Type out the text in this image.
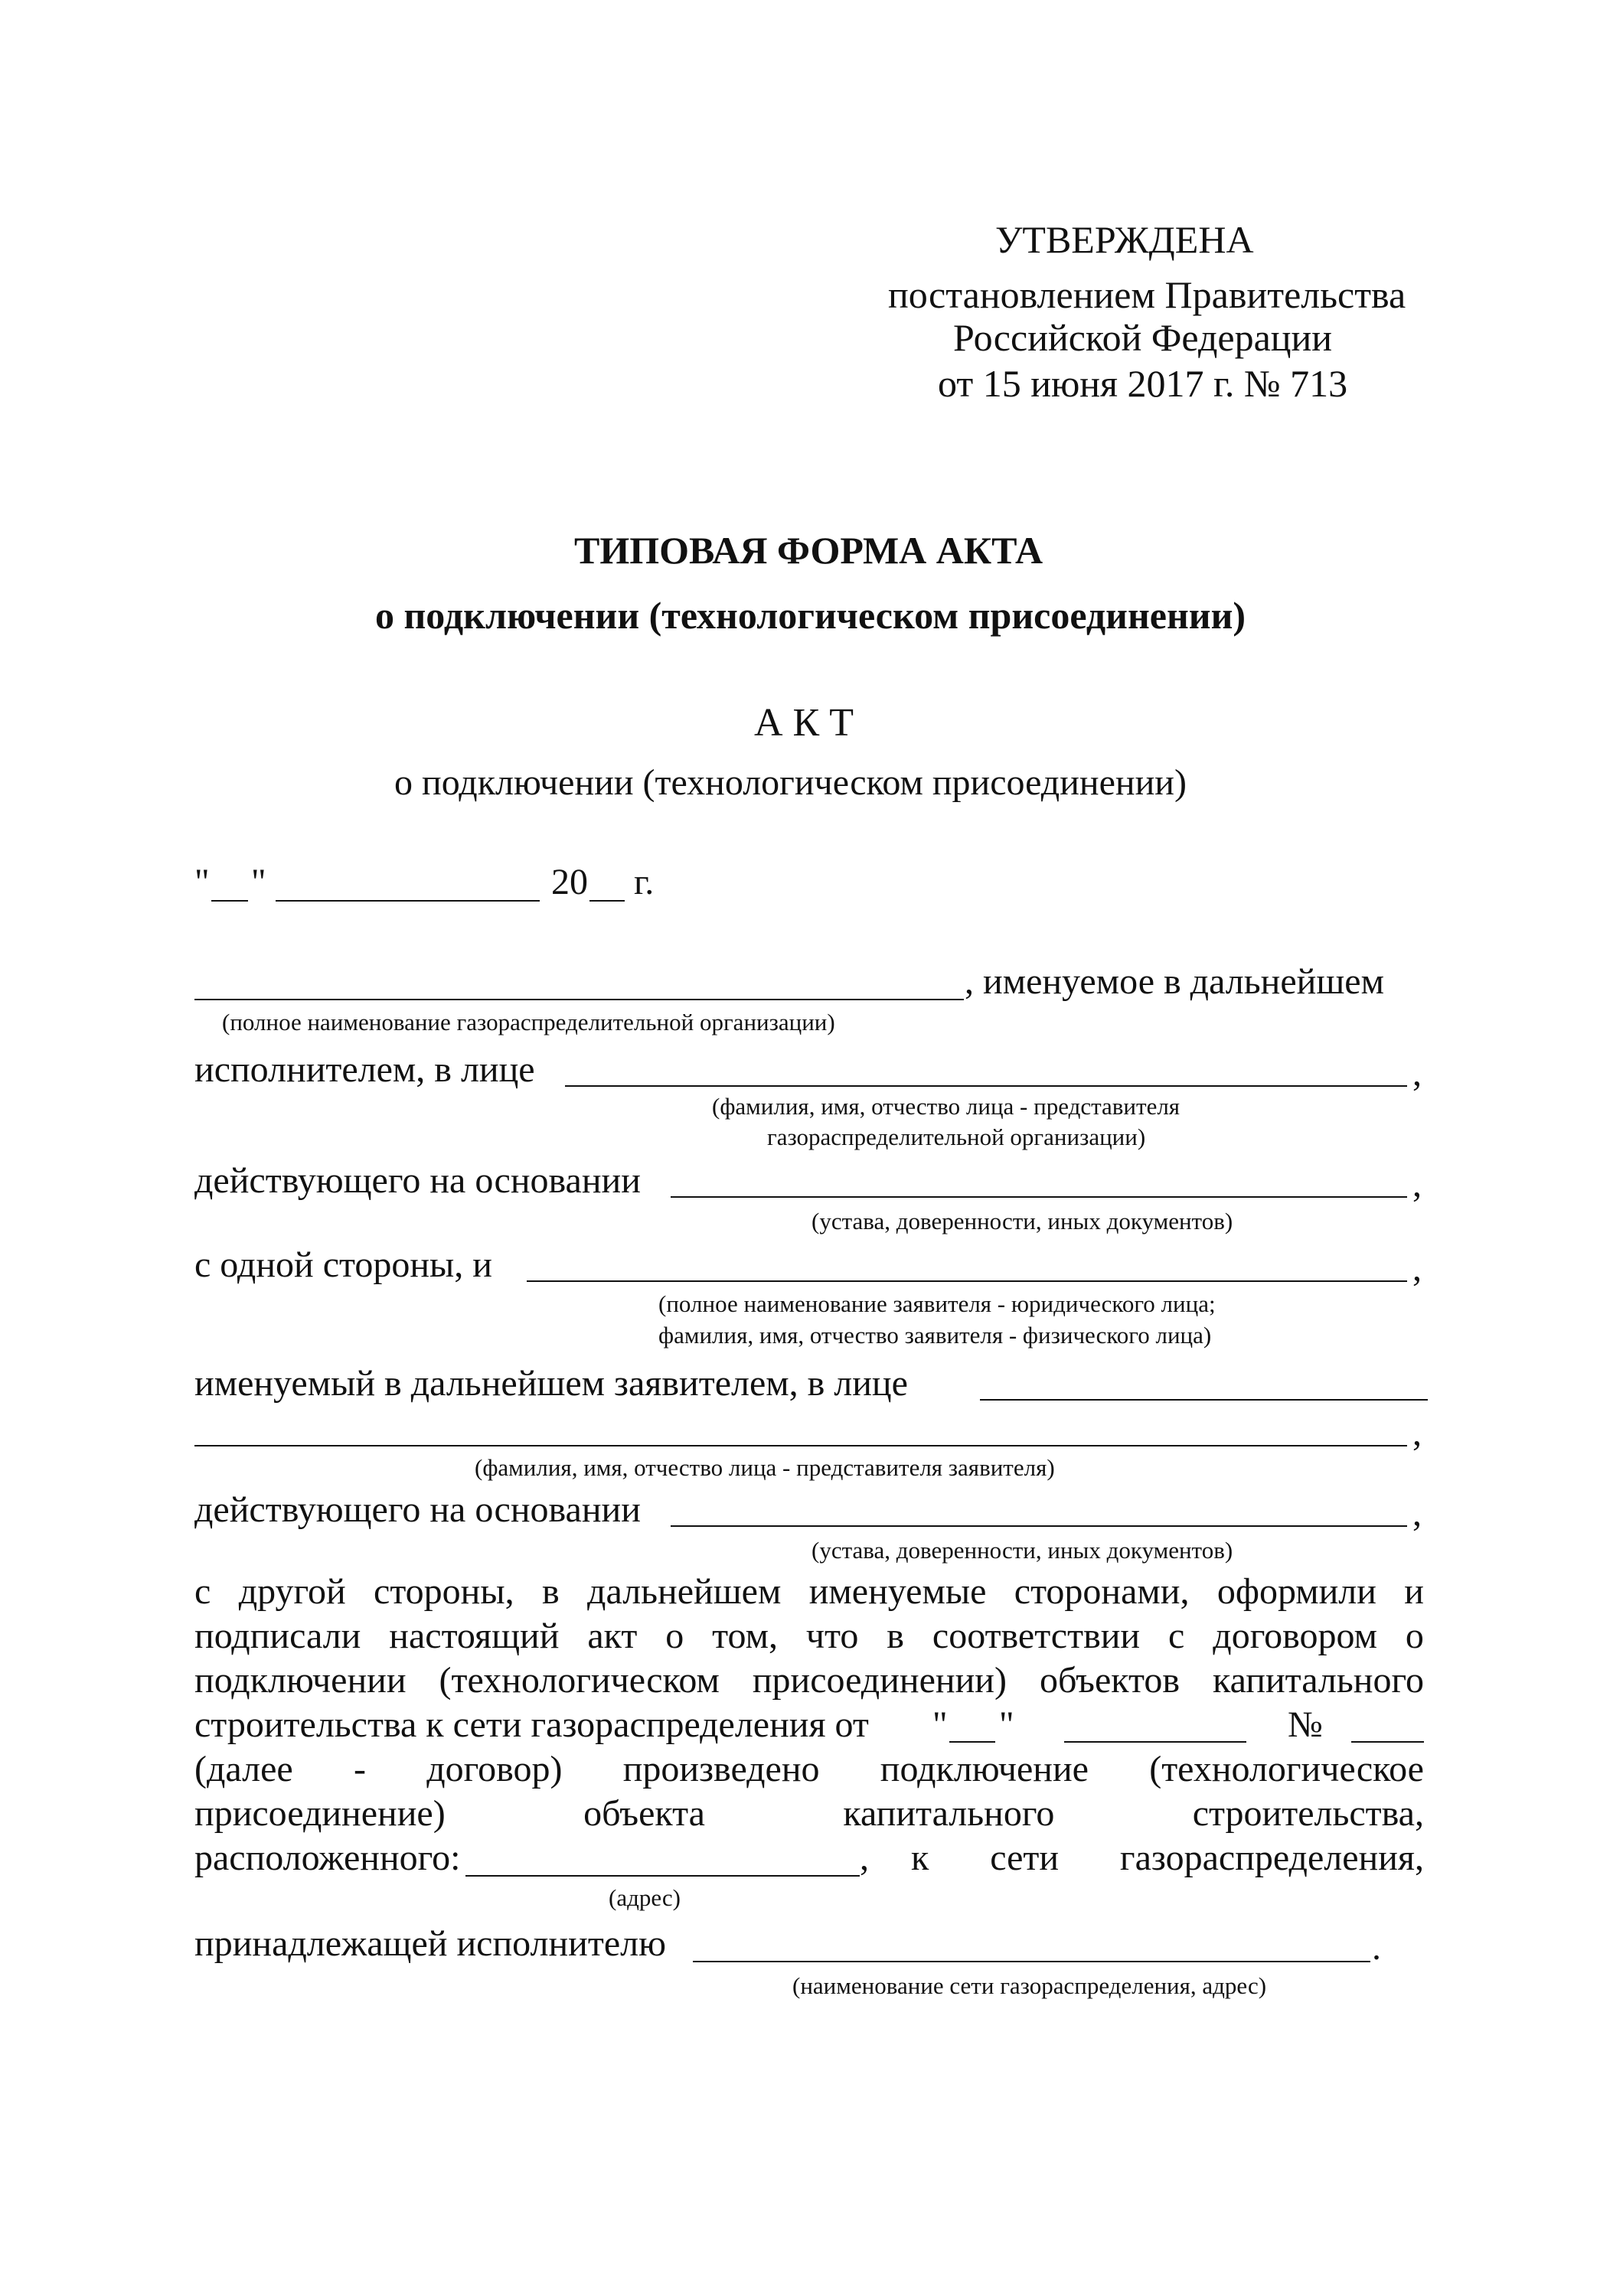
УТВЕРЖДЕНА
постановлением Правительства
Российской Федерации
от 15 июня 2017 г. № 713
ТИПОВАЯ ФОРМА АКТА
о подключении (технологическом присоединении)
А К Т
о подключении (технологическом присоединении)
" "	20 г.
, именуемое в дальнейшем
(полное наименование газораспределительной организации)
исполнителем, в лице	,
(фамилия, имя, отчество лица - представителя
газораспределительной организации)
действующего на основании	,
(устава, доверенности, иных документов)
с одной стороны, и	,
(полное наименование заявителя - юридического лица;
фамилия, имя, отчество заявителя - физического лица)
именуемый в дальнейшем заявителем, в лице
,
(фамилия, имя, отчество лица - представителя заявителя)
действующего на основании	,
(устава, доверенности, иных документов)
с другой стороны, в дальнейшем именуемые сторонами, оформили и
подписали настоящий акт о том, что в соответствии с договором о
подключении (технологическом присоединении) объектов капитального
строительства к сети газораспределения от " "	№
(далее - договор) произведено подключение (технологическое
присоединение)	объекта	капитального	строительства,
расположенного:	, к сети газораспределения,
(адрес)
принадлежащей исполнителю	.
(наименование сети газораспределения, адрес)
